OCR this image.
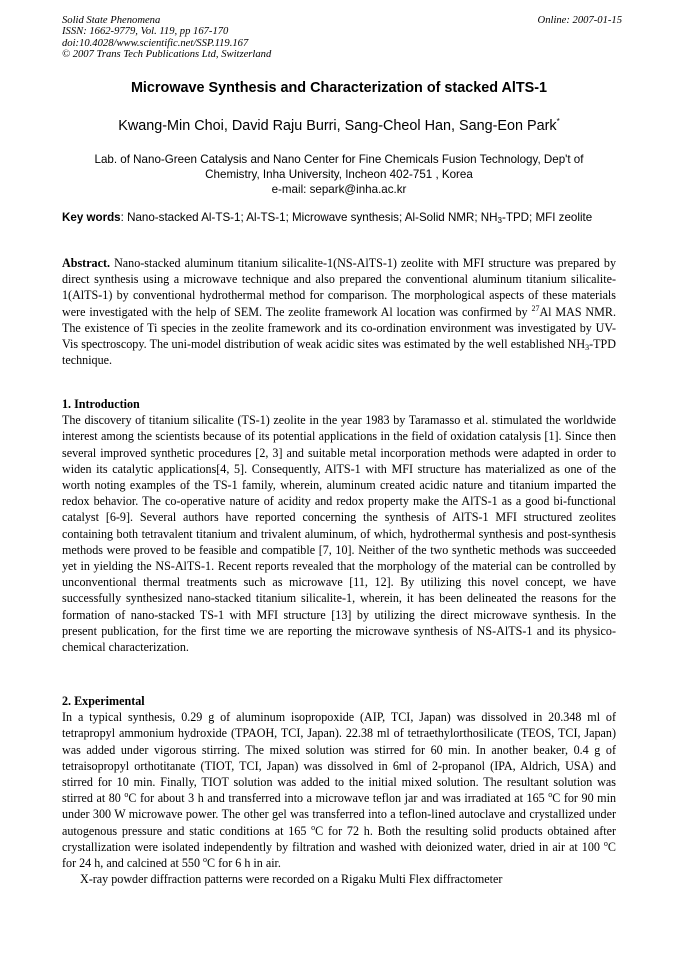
Solid State Phenomena
ISSN: 1662-9779, Vol. 119, pp 167-170
doi:10.4028/www.scientific.net/SSP.119.167
© 2007 Trans Tech Publications Ltd, Switzerland
Online: 2007-01-15
Microwave Synthesis and Characterization of stacked AlTS-1
Kwang-Min Choi, David Raju Burri, Sang-Cheol Han, Sang-Eon Park*
Lab. of Nano-Green Catalysis and Nano Center for Fine Chemicals Fusion Technology, Dep't of
Chemistry, Inha University, Incheon 402-751 , Korea
e-mail: separk@inha.ac.kr
Key words: Nano-stacked Al-TS-1; Al-TS-1; Microwave synthesis; Al-Solid NMR; $NH_3$-TPD; MFI zeolite

Abstract. Nano-stacked aluminum titanium silicalite-1(NS-AlTS-1) zeolite with MFI structure was prepared by direct synthesis using a microwave technique and also prepared the conventional aluminum titanium silicalite-1(AlTS-1) by conventional hydrothermal method for comparison. The morphological aspects of these materials were investigated with the help of SEM. The zeolite framework Al location was confirmed by $^{27}$Al MAS NMR. The existence of Ti species in the zeolite framework and its co-ordination environment was investigated by UV-Vis spectroscopy. The uni-model distribution of weak acidic sites was estimated by the well established $NH_3$-TPD technique.

1. Introduction

The discovery of titanium silicalite (TS-1) zeolite in the year 1983 by Taramasso et al. stimulated the worldwide interest among the scientists because of its potential applications in the field of oxidation catalysis [1]. Since then several improved synthetic procedures [2, 3] and suitable metal incorporation methods were adapted in order to widen its catalytic applications[4, 5]. Consequently, AlTS-1 with MFI structure has materialized as one of the worth noting examples of the TS-1 family, wherein, aluminum created acidic nature and titanium imparted the redox behavior. The co-operative nature of acidity and redox property make the AlTS-1 as a good bi-functional catalyst [6-9]. Several authors have reported concerning the synthesis of AlTS-1 MFI structured zeolites containing both tetravalent titanium and trivalent aluminum, of which, hydrothermal synthesis and post-synthesis methods were proved to be feasible and compatible [7, 10]. Neither of the two synthetic methods was succeeded yet in yielding the NS-AlTS-1. Recent reports revealed that the morphology of the material can be controlled by unconventional thermal treatments such as microwave [11, 12]. By utilizing this novel concept, we have successfully synthesized nano-stacked titanium silicalite-1, wherein, it has been delineated the reasons for the formation of nano-stacked TS-1 with MFI structure [13] by utilizing the direct microwave synthesis. In the present publication, for the first time we are reporting the microwave synthesis of NS-AlTS-1 and its physico-chemical characterization.

2. Experimental

In a typical synthesis, 0.29 g of aluminum isopropoxide (AIP, TCI, Japan) was dissolved in 20.348 ml of tetrapropyl ammonium hydroxide (TPAOH, TCI, Japan). 22.38 ml of tetraethylorthosilicate (TEOS, TCI, Japan) was added under vigorous stirring. The mixed solution was stirred for 60 min. In another beaker, 0.4 g of tetraisopropyl orthotitanate (TIOT, TCI, Japan) was dissolved in 6ml of 2-propanol (IPA, Aldrich, USA) and stirred for 10 min. Finally, TIOT solution was added to the initial mixed solution. The resultant solution was stirred at 80 $^o$C for about 3 h and transferred into a microwave teflon jar and was irradiated at 165 $^o$C for 90 min under 300 W microwave power. The other gel was transferred into a teflon-lined autoclave and crystallized under autogenous pressure and static conditions at 165 $^o$C for 72 h. Both the resulting solid products obtained after crystallization were isolated independently by filtration and washed with deionized water, dried in air at 100 $^o$C for 24 h, and calcined at 550 $^o$C for 6 h in air.

X-ray powder diffraction patterns were recorded on a Rigaku Multi Flex diffractometer
